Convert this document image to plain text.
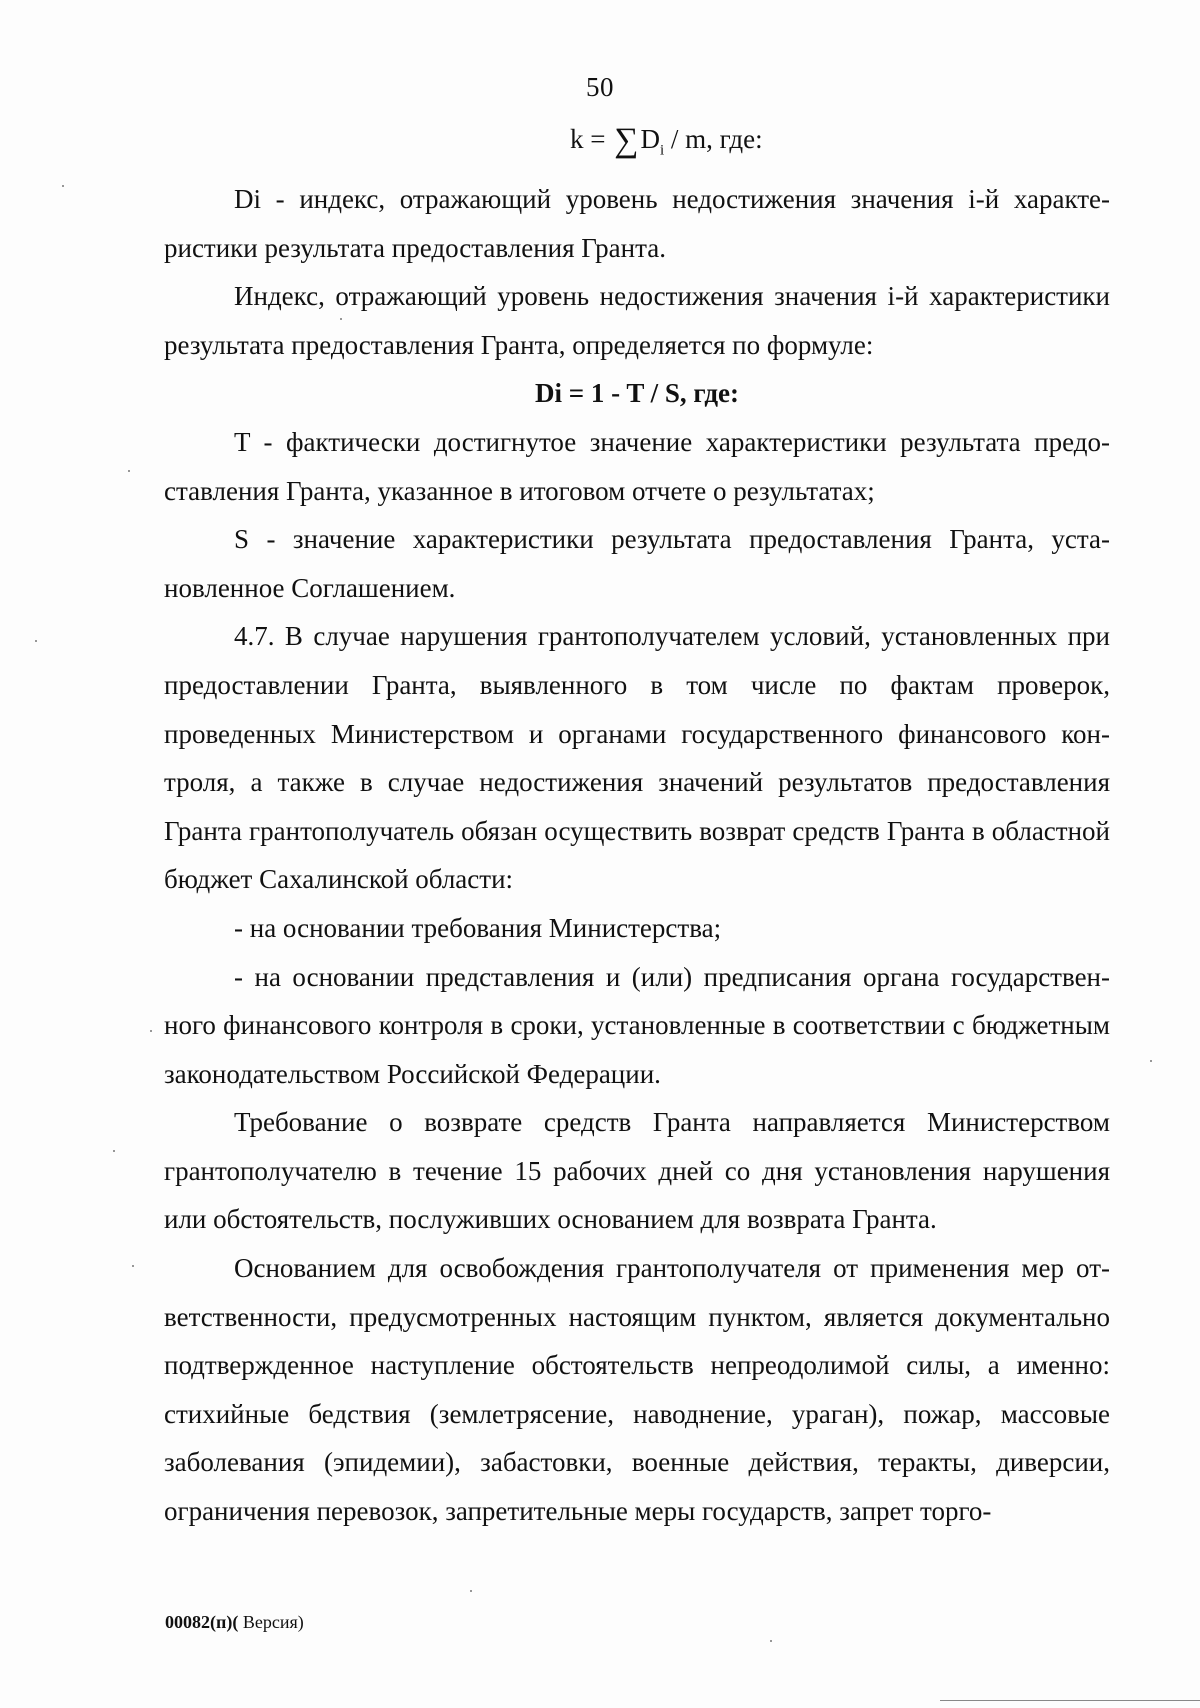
50
$k = \sum D_i / m$, где:

Di - индекс, отражающий уровень недостижения значения i-й характеристики результата предоставления Гранта.

Индекс, отражающий уровень недостижения значения i-й характеристики результата предоставления Гранта, определяется по формуле:

Di = 1 - T / S, где:

T - фактически достигнутое значение характеристики результата предоставления Гранта, указанное в итоговом отчете о результатах;

S - значение характеристики результата предоставления Гранта, установленное Соглашением.

4.7. В случае нарушения грантополучателем условий, установленных при предоставлении Гранта, выявленного в том числе по фактам проверок, проведенных Министерством и органами государственного финансового контроля, а также в случае недостижения значений результатов предоставления Гранта грантополучатель обязан осуществить возврат средств Гранта в областной бюджет Сахалинской области:

- на основании требования Министерства;

- на основании представления и (или) предписания органа государственного финансового контроля в сроки, установленные в соответствии с бюджетным законодательством Российской Федерации.

Требование о возврате средств Гранта направляется Министерством грантополучателю в течение 15 рабочих дней со дня установления нарушения или обстоятельств, послуживших основанием для возврата Гранта.

Основанием для освобождения грантополучателя от применения мер ответственности, предусмотренных настоящим пунктом, является документально подтвержденное наступление обстоятельств непреодолимой силы, а именно: стихийные бедствия (землетрясение, наводнение, ураган), пожар, массовые заболевания (эпидемии), забастовки, военные действия, теракты, диверсии, ограничения перевозок, запретительные меры государств, запрет торго-

00082(п)( Версия)
